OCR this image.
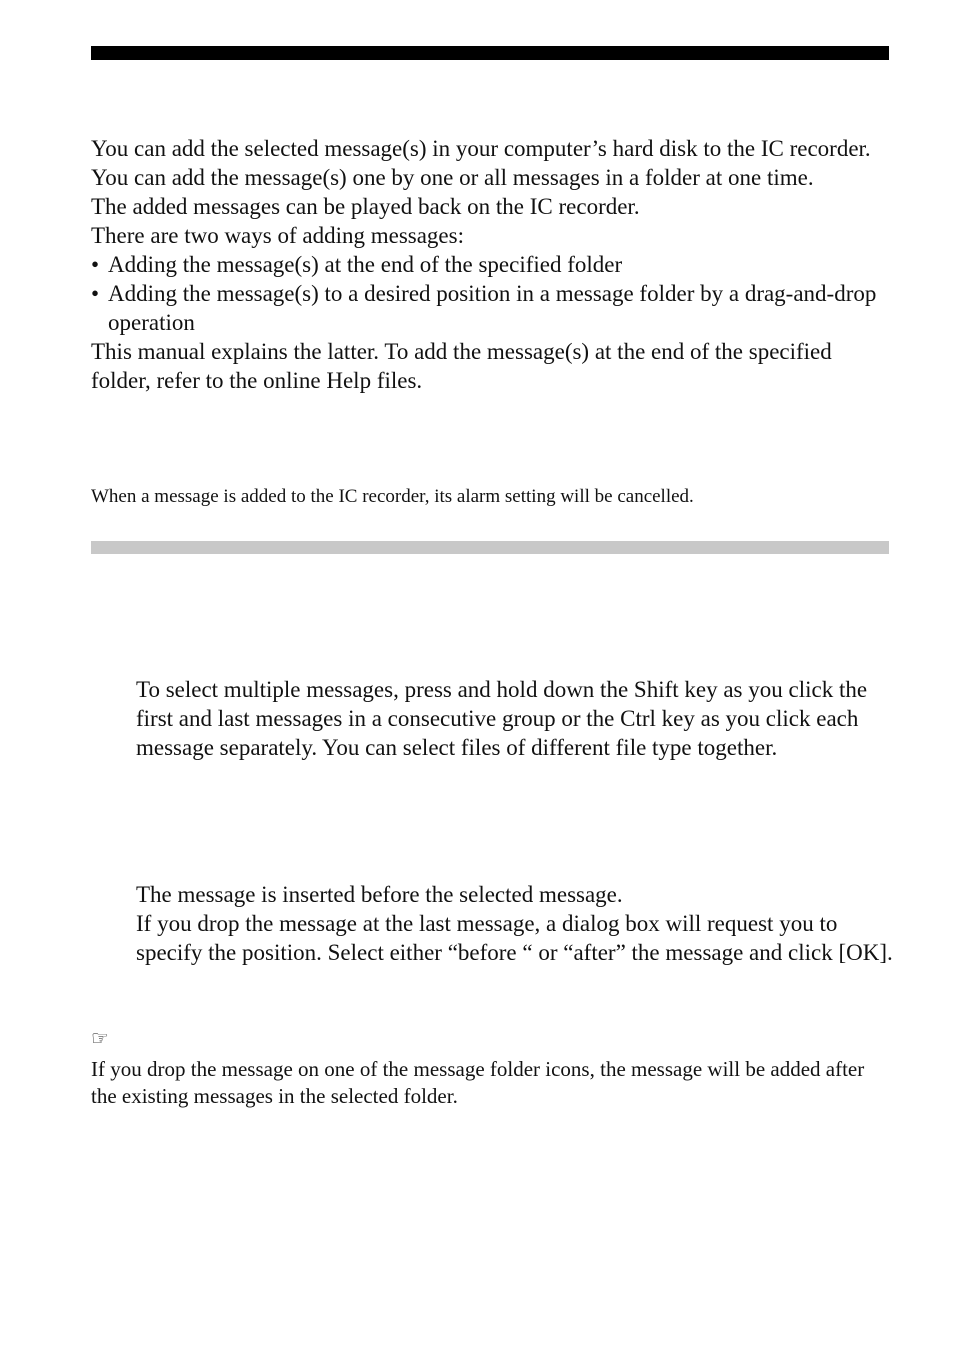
You can add the selected message(s) in your computer’s hard disk to the IC recorder. You can add the message(s) one by one or all messages in a folder at one time.

The added messages can be played back on the IC recorder.

There are two ways of adding messages:

• Adding the message(s) at the end of the specified folder
• Adding the message(s) to a desired position in a message folder by a drag-and-drop operation

This manual explains the latter. To add the message(s) at the end of the specified folder, refer to the online Help files.

When a message is added to the IC recorder, its alarm setting will be cancelled.

To select multiple messages, press and hold down the Shift key as you click the first and last messages in a consecutive group or the Ctrl key as you click each message separately. You can select files of different file type together.

The message is inserted before the selected message.

If you drop the message at the last message, a dialog box will request you to specify the position. Select either “before “ or “after” the message and click [OK].

☞
If you drop the message on one of the message folder icons, the message will be added after the existing messages in the selected folder.
